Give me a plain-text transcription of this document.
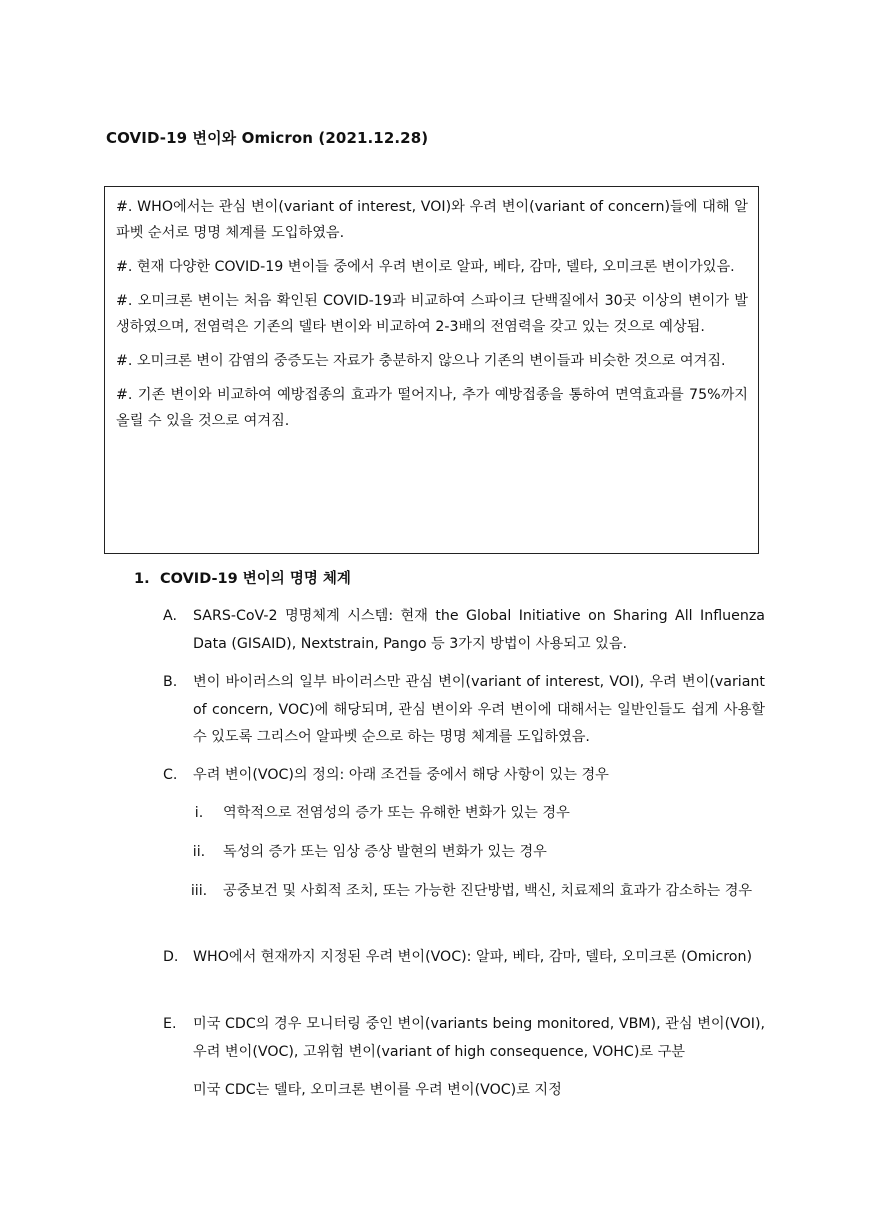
COVID-19 변이와 Omicron (2021.12.28)

#. WHO에서는 관심 변이(variant of interest, VOI)와 우려 변이(variant of concern)들에 대해 알파벳 순서로 명명 체계를 도입하였음.

#. 현재 다양한 COVID-19 변이들 중에서 우려 변이로 알파, 베타, 감마, 델타, 오미크론 변이가있음.

#. 오미크론 변이는 처음 확인된 COVID-19과 비교하여 스파이크 단백질에서 30곳 이상의 변이가 발생하였으며, 전염력은 기존의 델타 변이와 비교하여 2-3배의 전염력을 갖고 있는 것으로 예상됨.

#. 오미크론 변이 감염의 중증도는 자료가 충분하지 않으나 기존의 변이들과 비슷한 것으로 여겨짐.

#. 기존 변이와 비교하여 예방접종의 효과가 떨어지나, 추가 예방접종을 통하여 면역효과를 75%까지 올릴 수 있을 것으로 여겨짐.

1. COVID-19 변이의 명명 체계
A.	SARS-CoV-2 명명체계 시스템: 현재 the Global Initiative on Sharing All Influenza Data (GISAID), Nextstrain, Pango 등 3가지 방법이 사용되고 있음.
B.	변이 바이러스의 일부 바이러스만 관심 변이(variant of interest, VOI), 우려 변이(variant of concern, VOC)에 해당되며, 관심 변이와 우려 변이에 대해서는 일반인들도 쉽게 사용할 수 있도록 그리스어 알파벳 순으로 하는 명명 체계를 도입하였음.
C.	우려 변이(VOC)의 정의: 아래 조건들 중에서 해당 사항이 있는 경우
i.	역학적으로 전염성의 증가 또는 유해한 변화가 있는 경우
ii.	독성의 증가 또는 임상 증상 발현의 변화가 있는 경우
iii.	공중보건 및 사회적 조치, 또는 가능한 진단방법, 백신, 치료제의 효과가 감소하는 경우
D.	WHO에서 현재까지 지정된 우려 변이(VOC): 알파, 베타, 감마, 델타, 오미크론 (Omicron)
E.	미국 CDC의 경우 모니터링 중인 변이(variants being monitored, VBM), 관심 변이(VOI), 우려 변이(VOC), 고위험 변이(variant of high consequence, VOHC)로 구분
미국 CDC는 델타, 오미크론 변이를 우려 변이(VOC)로 지정
